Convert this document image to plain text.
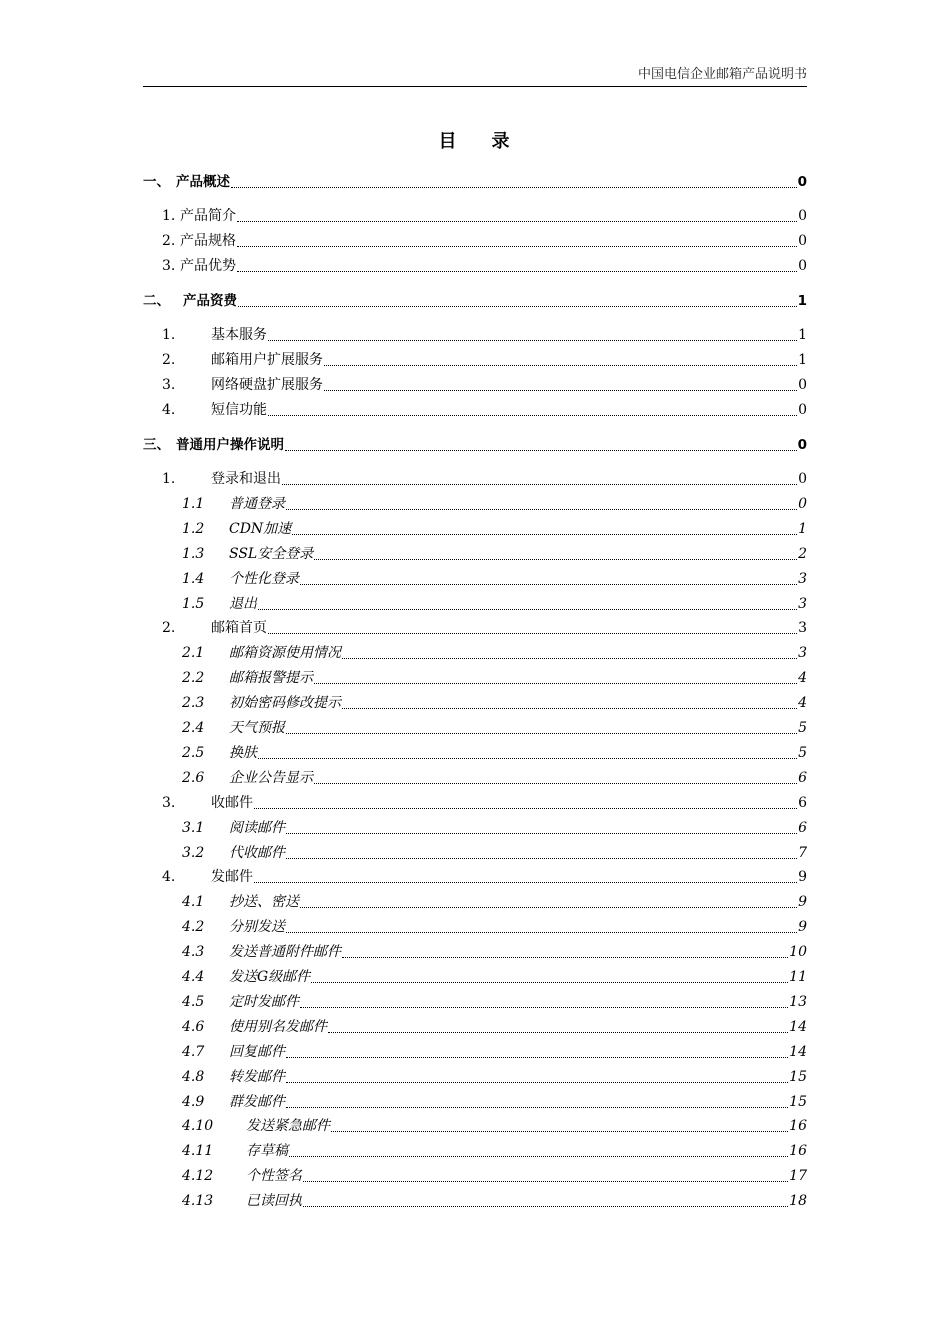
中国电信企业邮箱产品说明书
目    录
一、 产品概述	0
1. 产品简介	0
2. 产品规格	0
3. 产品优势	0
二、 产品资费	1
1.	基本服务	1
2.	邮箱用户扩展服务	1
3.	网络硬盘扩展服务	0
4.	短信功能	0
三、 普通用户操作说明	0
1.	登录和退出	0
1.1	普通登录	0
1.2	CDN加速	1
1.3	SSL安全登录	2
1.4	个性化登录	3
1.5	退出	3
2.	邮箱首页	3
2.1	邮箱资源使用情况	3
2.2	邮箱报警提示	4
2.3	初始密码修改提示	4
2.4	天气预报	5
2.5	换肤	5
2.6	企业公告显示	6
3.	收邮件	6
3.1	阅读邮件	6
3.2	代收邮件	7
4.	发邮件	9
4.1	抄送、密送	9
4.2	分别发送	9
4.3	发送普通附件邮件	10
4.4	发送G级邮件	11
4.5	定时发邮件	13
4.6	使用别名发邮件	14
4.7	回复邮件	14
4.8	转发邮件	15
4.9	群发邮件	15
4.10	发送紧急邮件	16
4.11	存草稿	16
4.12	个性签名	17
4.13	已读回执	18
